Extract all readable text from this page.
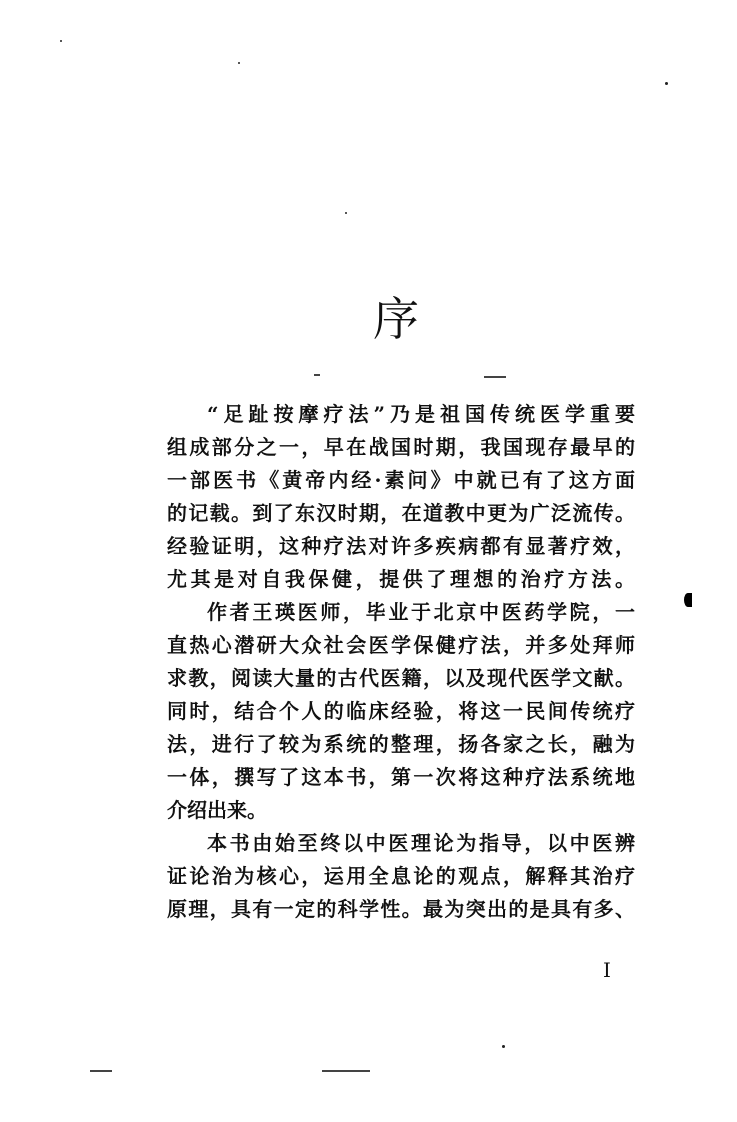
序
“足趾按摩疗法”乃是祖国传统医学重要
组成部分之一，早在战国时期，我国现存最早的
一部医书《黄帝内经·素问》中就已有了这方面
的记载。到了东汉时期，在道教中更为广泛流传。
经验证明，这种疗法对许多疾病都有显著疗效，
尤其是对自我保健，提供了理想的治疗方法。
作者王瑛医师，毕业于北京中医药学院，一
直热心潜研大众社会医学保健疗法，并多处拜师
求教，阅读大量的古代医籍，以及现代医学文献。
同时，结合个人的临床经验，将这一民间传统疗
法，进行了较为系统的整理，扬各家之长，融为
一体，撰写了这本书，第一次将这种疗法系统地
介绍出来。
本书由始至终以中医理论为指导，以中医辨
证论治为核心，运用全息论的观点，解释其治疗
原理，具有一定的科学性。最为突出的是具有多、
I
